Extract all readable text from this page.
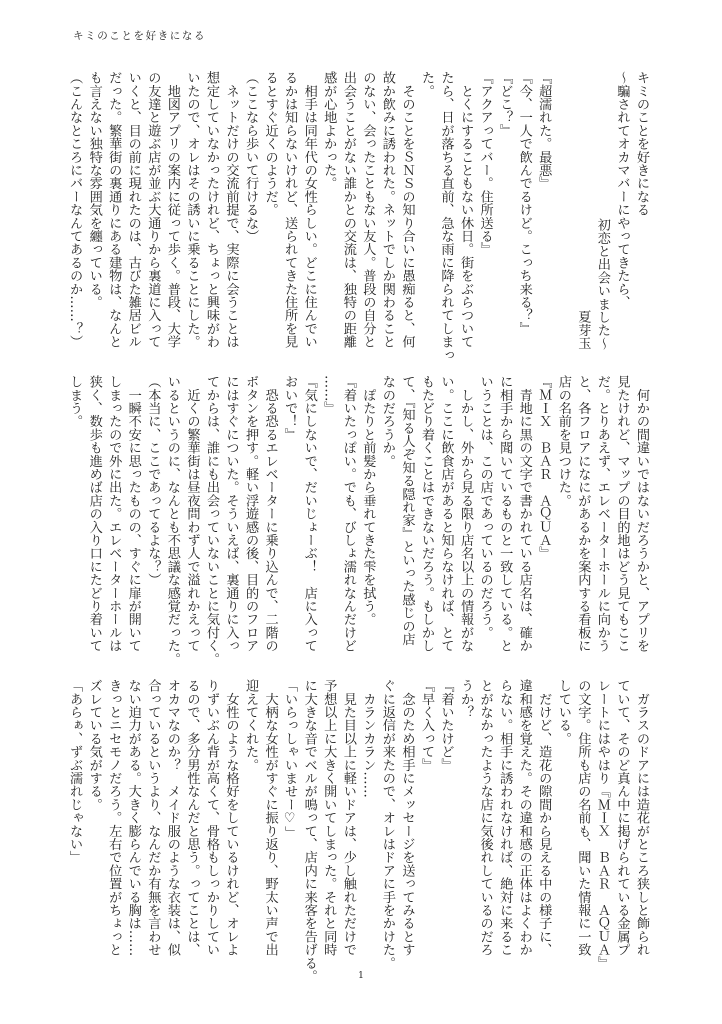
キミのことを好きになる
キミのことを好きになる
～騙されてオカマバーにやってきたら、
初恋と出会いました～
夏芽玉
『超濡れた。最悪』
『今、一人で飲んでるけど。こっち来る？』
『どこ？』
『アクアってバー。住所送る』
　とくにすることもない休日。街をぶらついて
たら、日が落ちる直前、急な雨に降られてしまっ
た。
　そのことをＳＮＳの知り合いに愚痴ると、何
故か飲みに誘われた。ネットでしか関わること
のない、会ったこともない友人。普段の自分と
出会うことがない誰かとの交流は、独特の距離
感が心地よかった。
　相手は同年代の女性らしい。どこに住んでい
るかは知らないけれど、送られてきた住所を見
るとすぐ近くのようだ。
（ここなら歩いて行けるな）
　ネットだけの交流前提で、実際に会うことは
想定していなかったけれど、ちょっと興味がわ
いたので、オレはその誘いに乗ることにした。
　地図アプリの案内に従って歩く。普段、大学
の友達と遊ぶ店が並ぶ大通りから裏道に入って
いくと、目の前に現れたのは、古びた雑居ビル
だった。繁華街の裏通りにある建物は、なんと
も言えない独特な雰囲気を纏っている。
（こんなところにバーなんてあるのか……？）
　何かの間違いではないだろうかと、アプリを
見たけれど、マップの目的地はどう見てもここ
だ。とりあえず、エレベーターホールに向かう
と、各フロアになにがあるかを案内する看板に
店の名前を見つけた。
『ＭＩＸ　ＢＡＲ　ＡＱＵＡ』
　青地に黒の文字で書かれている店名は、確か
に相手から聞いているものと一致している。と
いうことは、この店であっているのだろう。
　しかし、外から見る限り店名以上の情報がな
い。ここに飲食店があると知らなければ、とて
もたどり着くことはできないだろう。もしかし
て、『知る人ぞ知る隠れ家』といった感じの店
なのだろうか。
　ぽたりと前髪から垂れてきた雫を拭う。
『着いたっぽい。でも、びしょ濡れなんだけど
……』
『気にしないで、だいじょーぶ！　店に入って
おいで！』
　恐る恐るエレベーターに乗り込んで、二階の
ボタンを押す。軽い浮遊感の後、目的のフロア
にはすぐについた。そういえば、裏通りに入っ
てからは、誰にも出会っていないことに気付く。
　近くの繁華街は昼夜問わず人で溢れかえって
いるというのに、なんとも不思議な感覚だった。
（本当に、ここであってるよな？）
　一瞬不安に思ったものの、すぐに扉が開いて
しまったので外に出た。エレベーターホールは
狭く、数歩も進めば店の入り口にたどり着いて
しまう。
　ガラスのドアには造花がところ狭しと飾られ
ていて、そのど真ん中に掲げられている金属プ
レートにはやはり『ＭＩＸ　ＢＡＲ　ＡＱＵＡ』
の文字。住所も店の名前も、聞いた情報に一致
している。
　だけど、造花の隙間から見える中の様子に、
違和感を覚えた。その違和感の正体はよくわか
らない。相手に誘われなければ、絶対に来るこ
とがなかったような店に気後れしているのだろ
うか？
『着いたけど』
『早く入って』
　念のため相手にメッセージを送ってみるとす
ぐに返信が来たので、オレはドアに手をかけた。
　カランカラン……
　見た目以上に軽いドアは、少し触れただけで
予想以上に大きく開いてしまった。それと同時
に大きな音でベルが鳴って、店内に来客を告げる。
「いらっしゃいませー♡」
　大柄な女性がすぐに振り返り、野太い声で出
迎えてくれた。
　女性のような格好をしているけれど、オレよ
りずいぶん背が高くて、骨格もしっかりしてい
るので、多分男性なんだと思う。ってことは、
オカマなのか？　メイド服のような衣装は、似
合っているというより、なんだか有無を言わせ
ない迫力がある。大きく膨らんでいる胸は……
きっとニセモノだろう。左右で位置がちょっと
ズレている気がする。
「あらぁ、ずぶ濡れじゃない」
1
